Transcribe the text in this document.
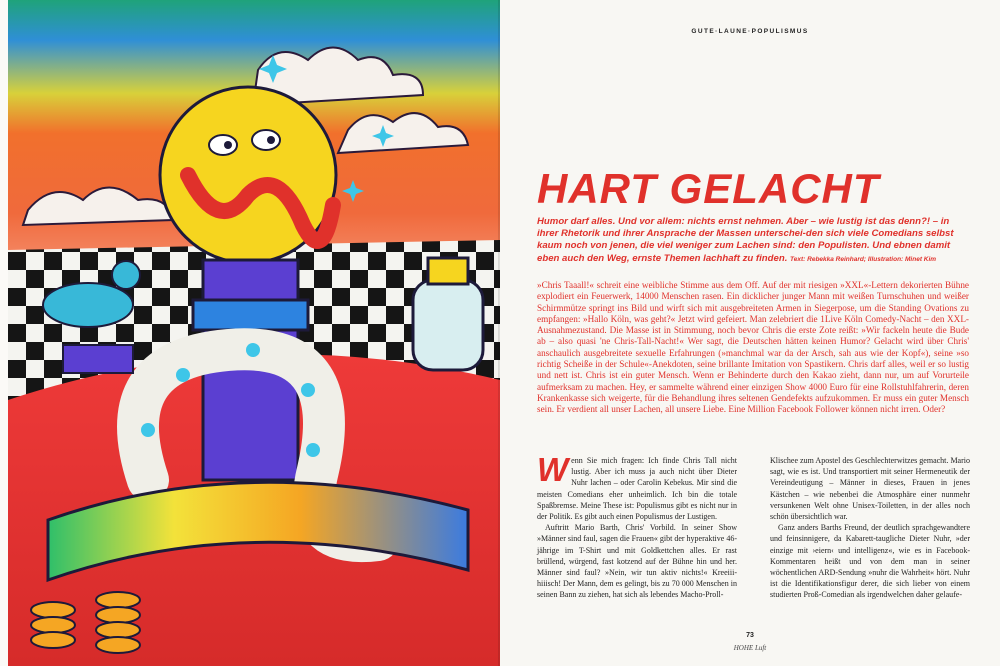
GUTE·LAUNE·POPULISMUS
HART GELACHT
Humor darf alles. Und vor allem: nichts ernst nehmen. Aber – wie lustig ist das denn?! – in ihrer Rhetorik und ihrer Ansprache der Massen unterschei-den sich viele Comedians selbst kaum noch von jenen, die viel weniger zum Lachen sind: den Populisten. Und ebnen damit eben auch den Weg, ernste Themen lachhaft zu finden. Text: Rebekka Reinhard; Illustration: Minet Kim
»Chris Taaall!« schreit eine weibliche Stimme aus dem Off. Auf der mit riesigen »XXL«-Lettern dekorierten Bühne explodiert ein Feuerwerk, 14000 Menschen rasen. Ein dicklicher junger Mann mit weißen Turnschuhen und weißer Schirmmütze springt ins Bild und wirft sich mit ausgebreiteten Armen in Siegerpose, um die Standing Ovations zu empfangen: »Hallo Köln, was geht?« Jetzt wird gefeiert. Man zelebriert die 1Live Köln Comedy-Nacht – den XXL-Ausnahmezustand. Die Masse ist in Stimmung, noch bevor Chris die erste Zote reißt: »Wir fackeln heute die Bude ab – also quasi 'ne Chris-Tall-Nacht!« Wer sagt, die Deutschen hätten keinen Humor? Gelacht wird über Chris' anschaulich ausgebreitete sexuelle Erfahrungen (»manchmal war da der Arsch, sah aus wie der Kopf«), seine »so richtig Scheiße in der Schule«-Anekdoten, seine brillante Imitation von Spastikern. Chris darf alles, weil er so lustig und nett ist. Chris ist ein guter Mensch. Wenn er Behinderte durch den Kakao zieht, dann nur, um auf Vorurteile aufmerksam zu machen. Hey, er sammelte während einer einzigen Show 4000 Euro für eine Rollstuhlfahrerin, deren Krankenkasse sich weigerte, für die Behandlung ihres seltenen Gendefekts aufzukommen. Er muss ein guter Mensch sein. Er verdient all unser Lachen, all unsere Liebe. Eine Million Facebook Follower können nicht irren. Oder?

Wenn Sie mich fragen: Ich finde Chris Tall nicht lustig. Aber ich muss ja auch nicht über Dieter Nuhr lachen – oder Carolin Kebekus. Mir sind die meisten Comedians eher unheimlich. Ich bin die totale Spaßbremse. Meine These ist: Populismus gibt es nicht nur in der Politik. Es gibt auch einen Populismus der Lustigen.

Auftritt Mario Barth, Chris' Vorbild. In seiner Show »Männer sind faul, sagen die Frauen« gibt der hyperaktive 46-jährige im T-Shirt und mit Goldkettchen alles. Er rast brüllend, würgend, fast kotzend auf der Bühne hin und her. Männer sind faul? »Nein, wir tun aktiv nichts!« Kreeiii-hiiisch! Der Mann, dem es gelingt, bis zu 70 000 Menschen in seinen Bann zu ziehen, hat sich als lebendes Macho-Proll-

Klischee zum Apostel des Geschlechterwitzes gemacht. Mario sagt, wie es ist. Und transportiert mit seiner Hermeneutik der Vereindeutigung – Männer in dieses, Frauen in jenes Kästchen – wie nebenbei die Atmosphäre einer nunmehr versunkenen Welt ohne Unisex-Toiletten, in der alles noch schön übersichtlich war.

Ganz anders Barths Freund, der deutlich sprachgewandtere und feinsinnigere, da Kabarett-taugliche Dieter Nuhr, »der einzige mit ›eiern‹ und intelligenz«, wie es in Facebook-Kommentaren heißt und von dem man in seiner wöchentlichen ARD-Sendung »nuhr die Wahrheit« hört. Nuhr ist die Identifikationsfigur derer, die sich lieber von einem studierten Proß-Comedian als irgendwelchen daher gelaufe-

73
HOHE Luft
